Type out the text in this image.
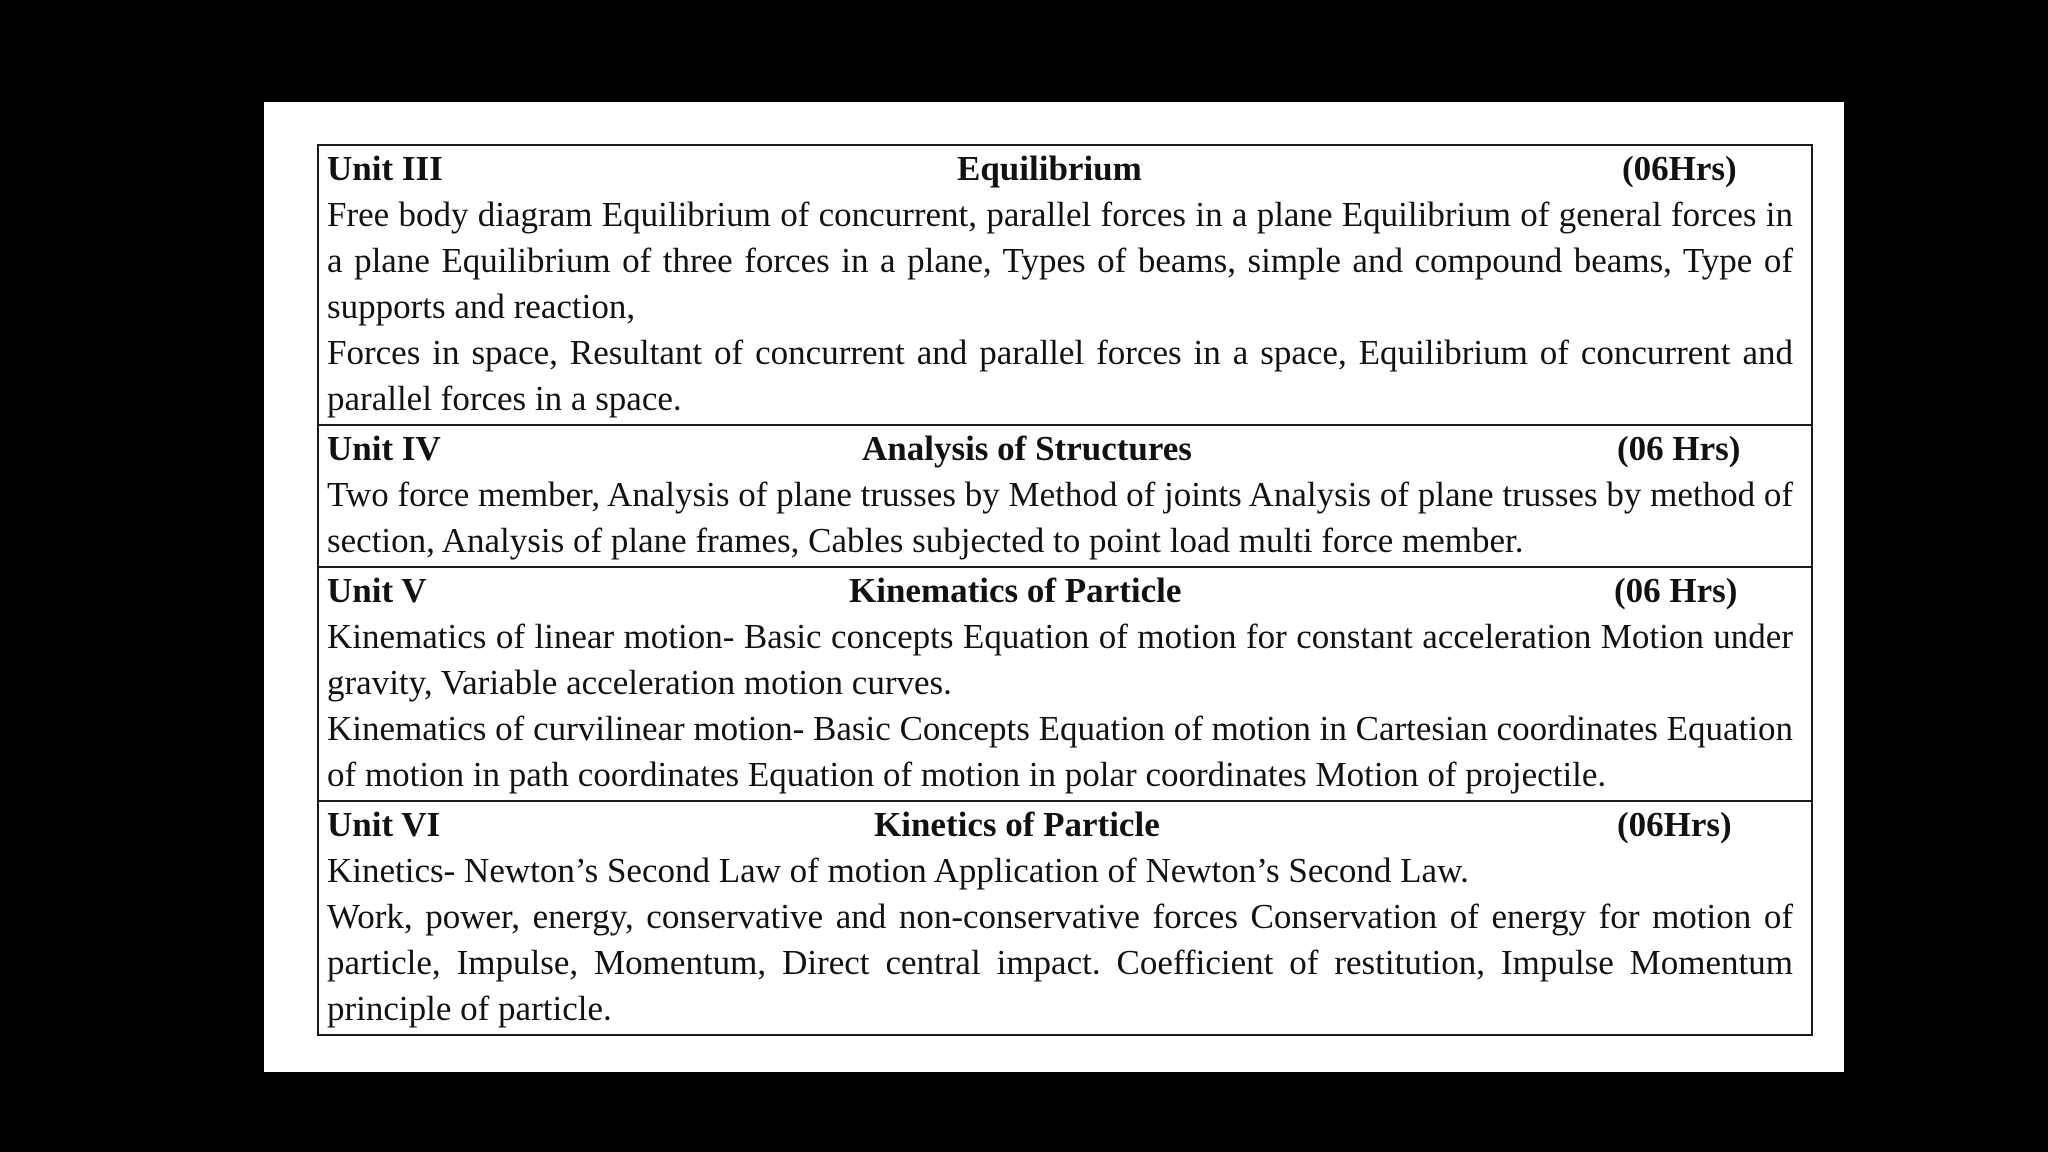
Unit III	Equilibrium	(06Hrs)

Free body diagram Equilibrium of concurrent, parallel forces in a plane Equilibrium of general forces in a plane Equilibrium of three forces in a plane, Types of beams, simple and compound beams, Type of supports and reaction,

Forces in space, Resultant of concurrent and parallel forces in a space, Equilibrium of concurrent and parallel forces in a space.

Unit IV	Analysis of Structures	(06 Hrs)

Two force member, Analysis of plane trusses by Method of joints Analysis of plane trusses by method of section, Analysis of plane frames, Cables subjected to point load multi force member.

Unit V	Kinematics of Particle	(06 Hrs)

Kinematics of linear motion- Basic concepts Equation of motion for constant acceleration Motion under gravity, Variable acceleration motion curves.

Kinematics of curvilinear motion- Basic Concepts Equation of motion in Cartesian coordinates Equation of motion in path coordinates Equation of motion in polar coordinates Motion of projectile.

Unit VI	Kinetics of Particle	(06Hrs)

Kinetics- Newton’s Second Law of motion Application of Newton’s Second Law.

Work, power, energy, conservative and non-conservative forces Conservation of energy for motion of particle, Impulse, Momentum, Direct central impact. Coefficient of restitution, Impulse Momentum principle of particle.
